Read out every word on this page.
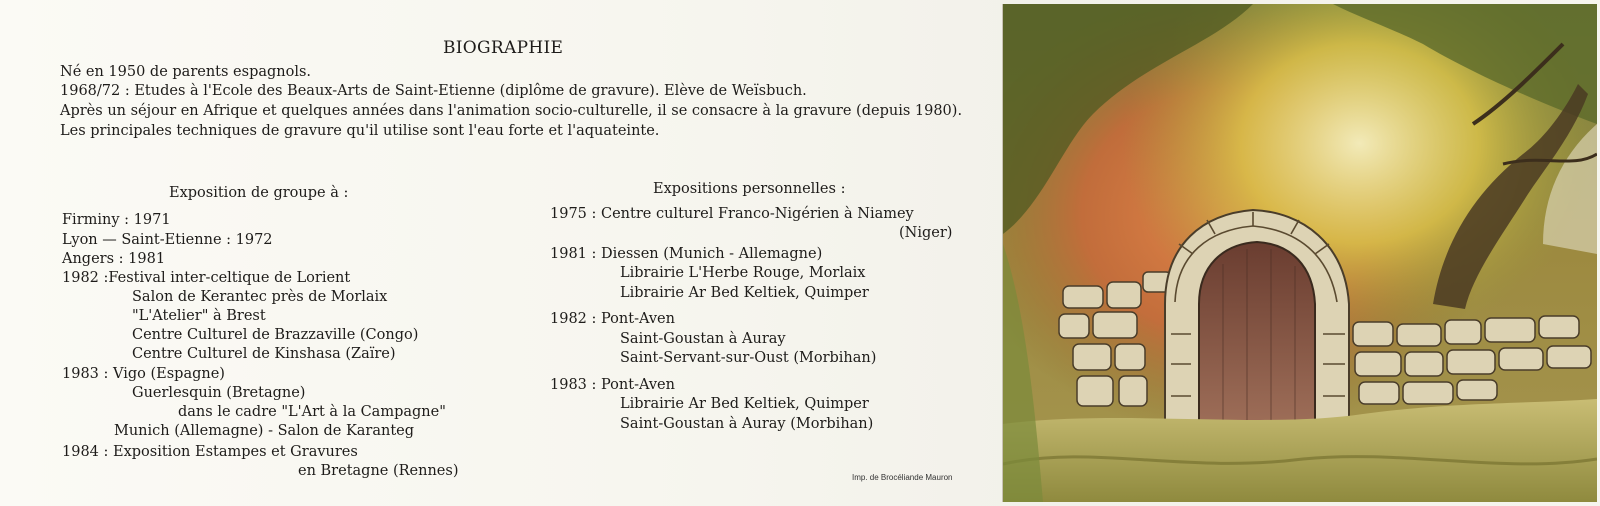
BIOGRAPHIE
Né en 1950 de parents espagnols.
1968/72 : Etudes à l'Ecole des Beaux-Arts de Saint-Etienne (diplôme de gravure). Elève de Weïsbuch.
Après un séjour en Afrique et quelques années dans l'animation socio-culturelle, il se consacre à la gravure (depuis 1980).
Les principales techniques de gravure qu'il utilise sont l'eau forte et l'aquateinte.
Exposition de groupe à :
Firminy : 1971
Lyon — Saint-Etienne : 1972
Angers : 1981
1982 :Festival inter-celtique de Lorient
Salon de Kerantec près de Morlaix
"L'Atelier" à Brest
Centre Culturel de Brazzaville (Congo)
Centre Culturel de Kinshasa (Zaïre)
1983 : Vigo (Espagne)
Guerlesquin (Bretagne)
dans le cadre "L'Art à la Campagne"
Munich (Allemagne) - Salon de Karanteg
1984 : Exposition Estampes et Gravures
en Bretagne (Rennes)
Expositions personnelles :
1975 : Centre culturel Franco-Nigérien à Niamey
(Niger)
1981 : Diessen (Munich - Allemagne)
Librairie L'Herbe Rouge, Morlaix
Librairie Ar Bed Keltiek, Quimper
1982 : Pont-Aven
Saint-Goustan à Auray
Saint-Servant-sur-Oust (Morbihan)
1983 : Pont-Aven
Librairie Ar Bed Keltiek, Quimper
Saint-Goustan à Auray (Morbihan)
Imp. de Brocéliande Mauron
